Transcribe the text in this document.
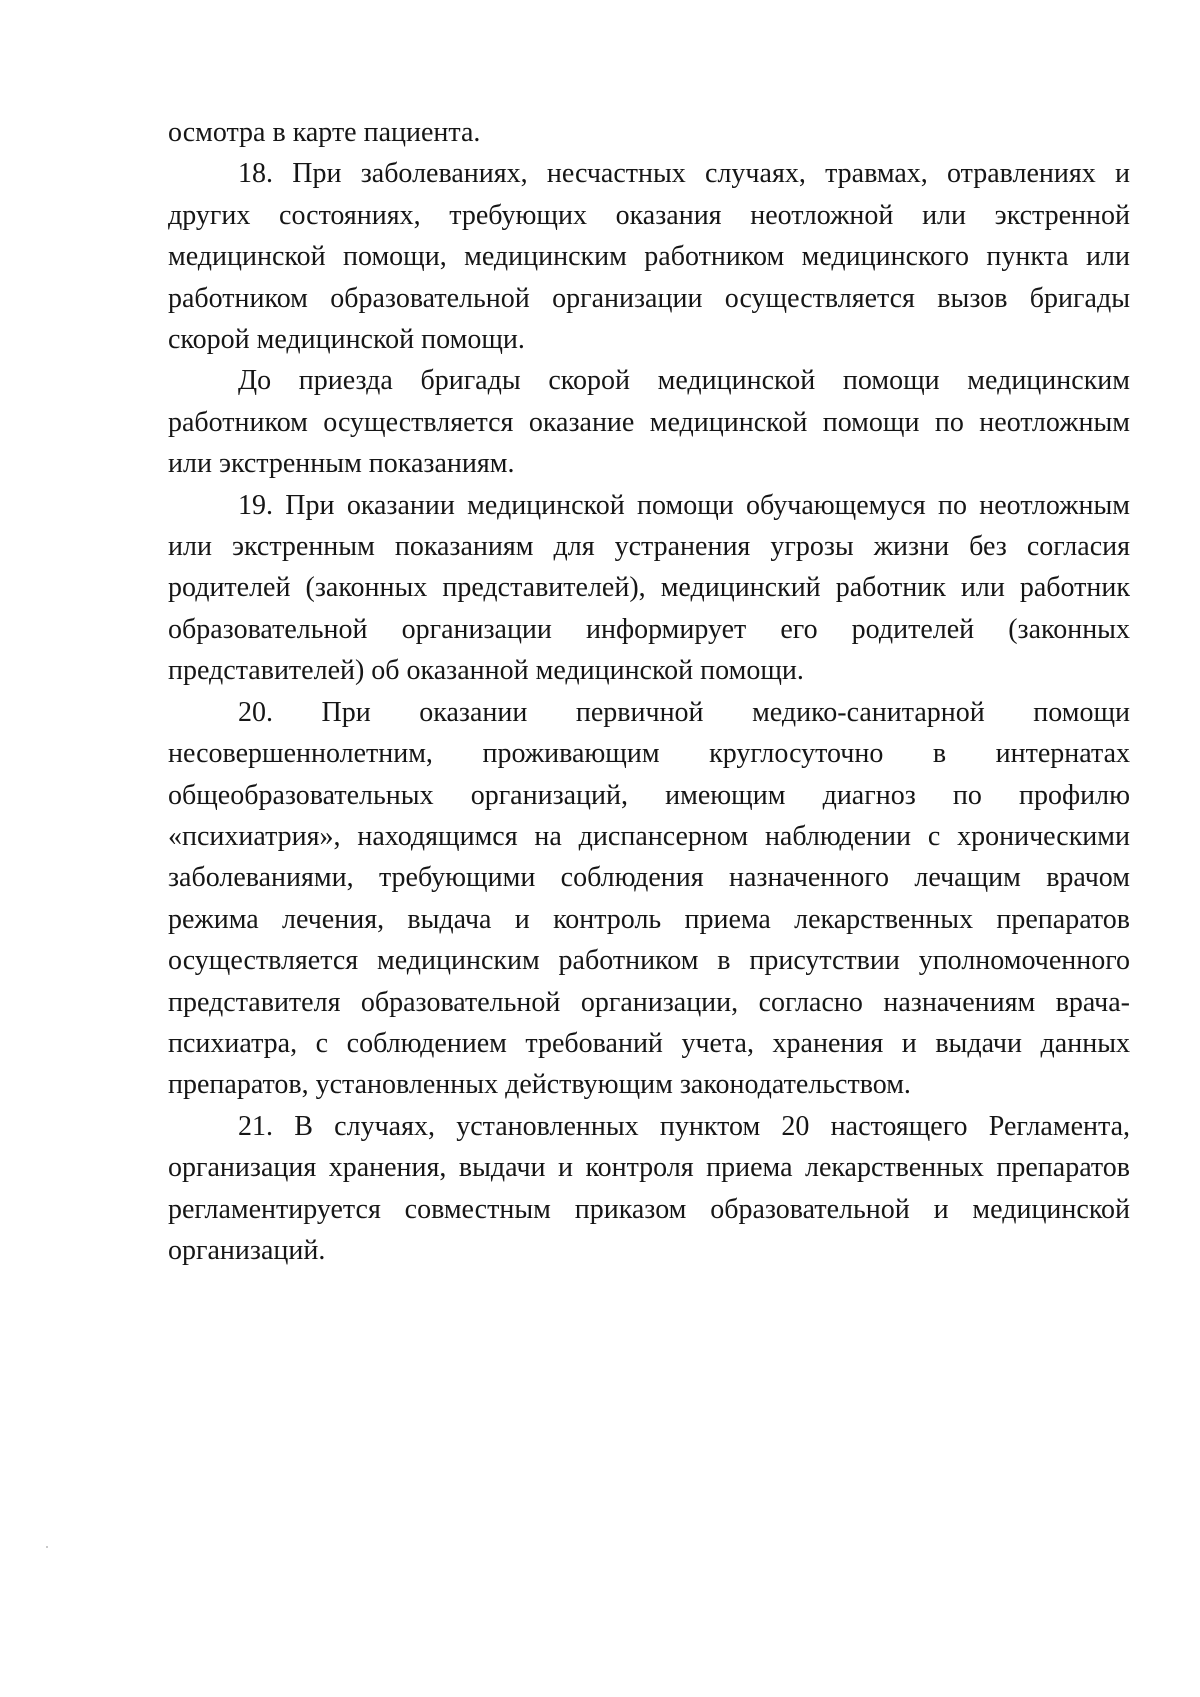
осмотра в карте пациента.

18. При заболеваниях, несчастных случаях, травмах, отравлениях и других состояниях, требующих оказания неотложной или экстренной медицинской помощи, медицинским работником медицинского пункта или работником образовательной организации осуществляется вызов бригады скорой медицинской помощи.

До приезда бригады скорой медицинской помощи медицинским работником осуществляется оказание медицинской помощи по неотложным или экстренным показаниям.

19. При оказании медицинской помощи обучающемуся по неотложным или экстренным показаниям для устранения угрозы жизни без согласия родителей (законных представителей), медицинский работник или работник образовательной организации информирует его родителей (законных представителей) об оказанной медицинской помощи.

20. При оказании первичной медико-санитарной помощи несовершеннолетним, проживающим круглосуточно в интернатах общеобразовательных организаций, имеющим диагноз по профилю «психиатрия», находящимся на диспансерном наблюдении с хроническими заболеваниями, требующими соблюдения назначенного лечащим врачом режима лечения, выдача и контроль приема лекарственных препаратов осуществляется медицинским работником в присутствии уполномоченного представителя образовательной организации, согласно назначениям врача-психиатра, с соблюдением требований учета, хранения и выдачи данных препаратов, установленных действующим законодательством.

21. В случаях, установленных пунктом 20 настоящего Регламента, организация хранения, выдачи и контроля приема лекарственных препаратов регламентируется совместным приказом образовательной и медицинской организаций.
